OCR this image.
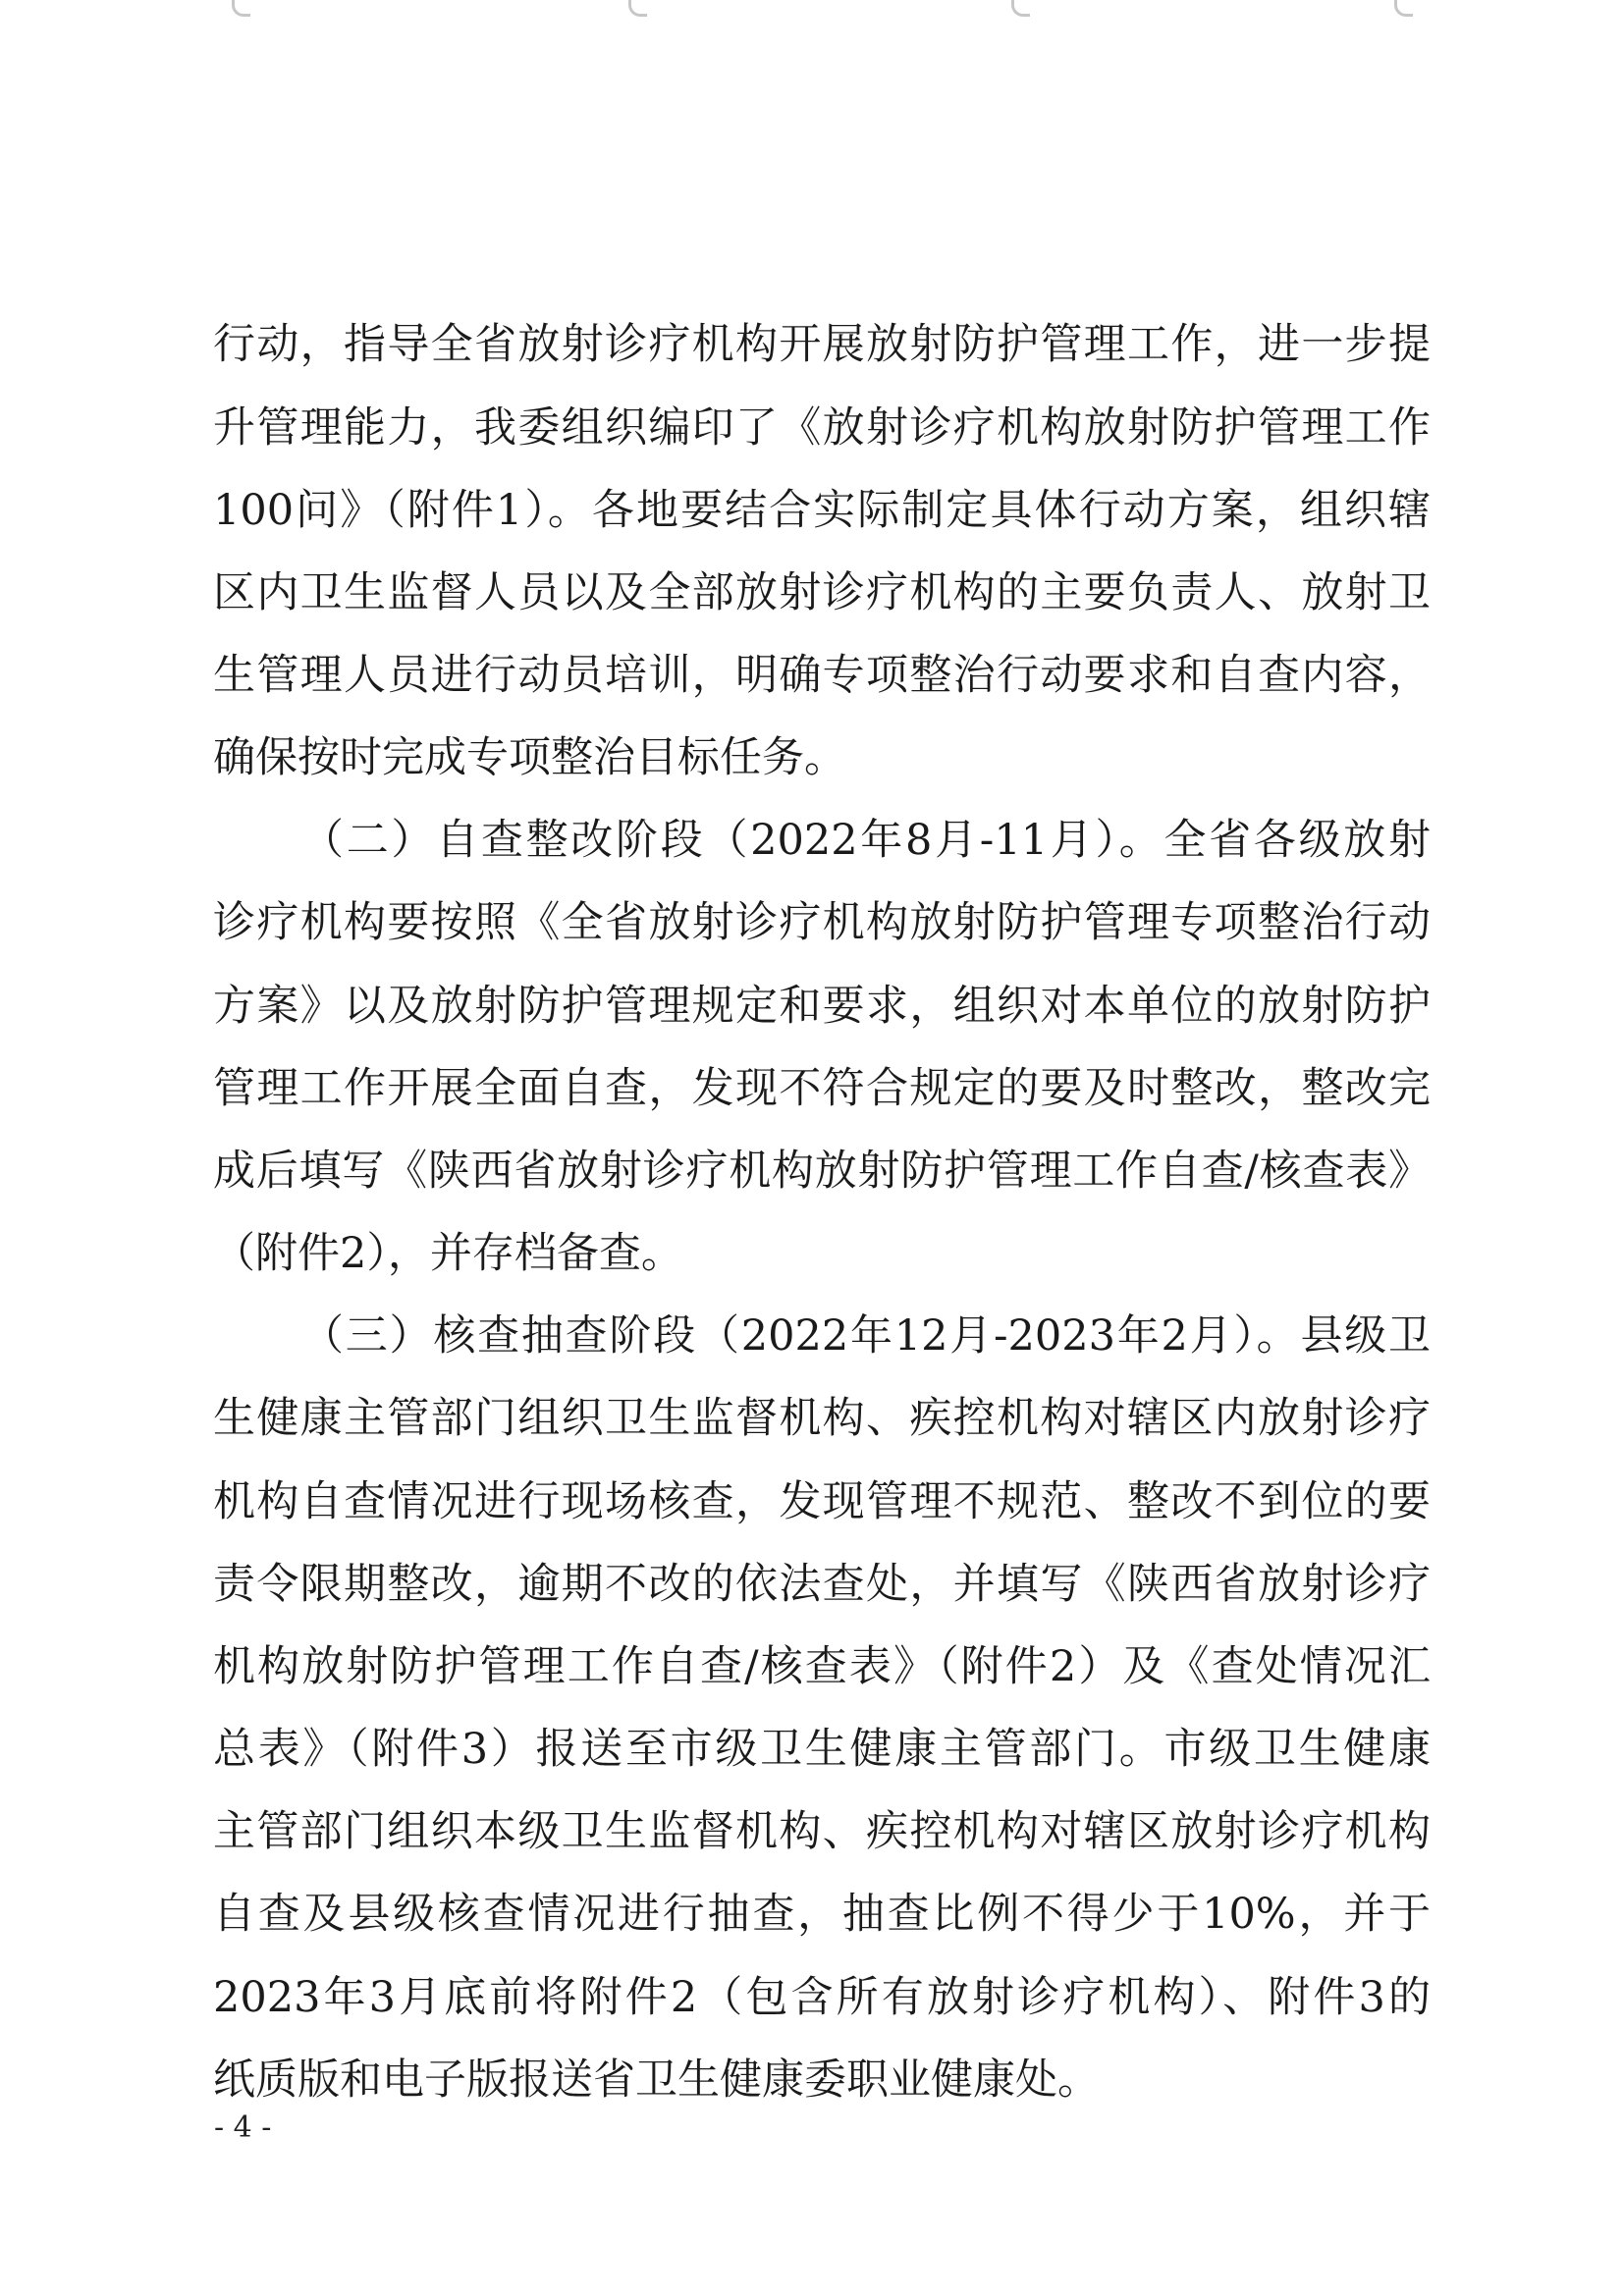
行动，指导全省放射诊疗机构开展放射防护管理工作，进一步提
升管理能力，我委组织编印了《放射诊疗机构放射防护管理工作
100问》（附件1）。各地要结合实际制定具体行动方案，组织辖
区内卫生监督人员以及全部放射诊疗机构的主要负责人、放射卫
生管理人员进行动员培训，明确专项整治行动要求和自查内容，
确保按时完成专项整治目标任务。
（二）自查整改阶段（2022年8月-11月）。全省各级放射
诊疗机构要按照《全省放射诊疗机构放射防护管理专项整治行动
方案》以及放射防护管理规定和要求，组织对本单位的放射防护
管理工作开展全面自查，发现不符合规定的要及时整改，整改完
成后填写《陕西省放射诊疗机构放射防护管理工作自查/核查表》
（附件2），并存档备查。
（三）核查抽查阶段（2022年12月-2023年2月）。县级卫
生健康主管部门组织卫生监督机构、疾控机构对辖区内放射诊疗
机构自查情况进行现场核查，发现管理不规范、整改不到位的要
责令限期整改，逾期不改的依法查处，并填写《陕西省放射诊疗
机构放射防护管理工作自查/核查表》（附件2）及《查处情况汇
总表》（附件3）报送至市级卫生健康主管部门。市级卫生健康
主管部门组织本级卫生监督机构、疾控机构对辖区放射诊疗机构
自查及县级核查情况进行抽查，抽查比例不得少于10%，并于
2023年3月底前将附件2（包含所有放射诊疗机构）、附件3的
纸质版和电子版报送省卫生健康委职业健康处。
- 4 -
